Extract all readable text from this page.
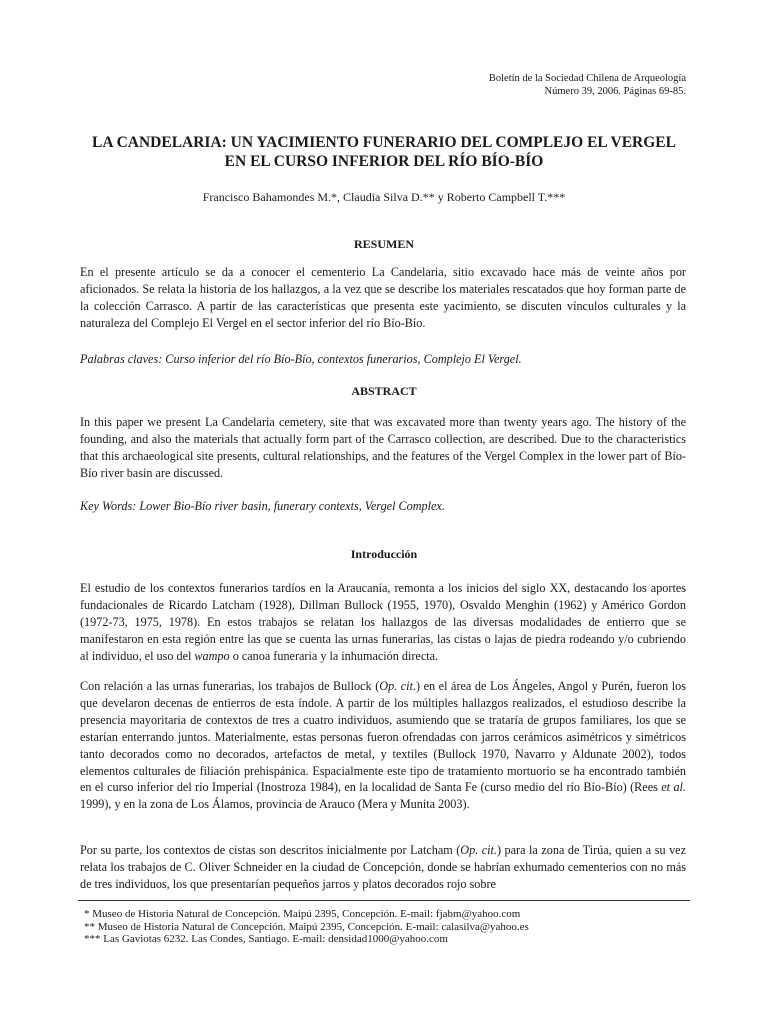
Boletín de la Sociedad Chilena de Arqueología
Número 39, 2006. Páginas 69-85.
LA CANDELARIA: UN YACIMIENTO FUNERARIO DEL COMPLEJO EL VERGEL
EN EL CURSO INFERIOR DEL RÍO BÍO-BÍO
Francisco Bahamondes M.*, Claudia Silva D.** y Roberto Campbell T.***
RESUMEN
En el presente artículo se da a conocer el cementerio La Candelaria, sitio excavado hace más de veinte años por aficionados. Se relata la historia de los hallazgos, a la vez que se describe los materiales rescatados que hoy forman parte de la colección Carrasco. A partir de las características que presenta este yacimiento, se discuten vínculos culturales y la naturaleza del Complejo El Vergel en el sector inferior del río Bío-Bío.
Palabras claves: Curso inferior del río Bío-Bío, contextos funerarios, Complejo El Vergel.
ABSTRACT
In this paper we present La Candelaria cemetery, site that was excavated more than twenty years ago. The history of the founding, and also the materials that actually form part of the Carrasco collection, are described. Due to the characteristics that this archaeological site presents, cultural relationships, and the features of the Vergel Complex in the lower part of Bío- Bío river basin are discussed.
Key Words: Lower Bio-Bío river basin, funerary contexts, Vergel Complex.
Introducción
El estudio de los contextos funerarios tardíos en la Araucanía, remonta a los inicios del siglo XX, destacando los aportes fundacionales de Ricardo Latcham (1928), Dillman Bullock (1955, 1970), Osvaldo Menghin (1962) y Américo Gordon (1972-73, 1975, 1978). En estos trabajos se relatan los hallazgos de las diversas modalidades de entierro que se manifestaron en esta región entre las que se cuenta las urnas funerarias, las cistas o lajas de piedra rodeando y/o cubriendo al individuo, el uso del wampo o canoa funeraria y la inhumación directa.
Con relación a las urnas funerarias, los trabajos de Bullock (Op. cit.) en el área de Los Ángeles, Angol y Purén, fueron los que develaron decenas de entierros de esta índole. A partir de los múltiples hallazgos realizados, el estudioso describe la presencia mayoritaria de contextos de tres a cuatro individuos, asumiendo que se trataría de grupos familiares, los que se estarían enterrando juntos. Materialmente, estas personas fueron ofrendadas con jarros cerámicos asimétricos y simétricos tanto decorados como no decorados, artefactos de metal, y textiles (Bullock 1970, Navarro y Aldunate 2002), todos elementos culturales de filiación prehispánica. Espacialmente este tipo de tratamiento mortuorio se ha encontrado también en el curso inferior del río Imperial (Inostroza 1984), en la localidad de Santa Fe (curso medio del río Bío-Bío) (Rees et al. 1999), y en la zona de Los Álamos, provincia de Arauco (Mera y Munita 2003).
Por su parte, los contextos de cistas son descritos inicialmente por Latcham (Op. cit.) para la zona de Tirúa, quien a su vez relata los trabajos de C. Oliver Schneider en la ciudad de Concepción, donde se habrían exhumado cementerios con no más de tres individuos, los que presentarían pequeños jarros y platos decorados rojo sobre
* Museo de Historia Natural de Concepción. Maipú 2395, Concepción. E-mail: fjabm@yahoo.com
** Museo de Historia Natural de Concepción. Maipú 2395, Concepción. E-mail: calasilva@yahoo.es
*** Las Gaviotas 6232. Las Condes, Santiago. E-mail: densidad1000@yahoo.com
